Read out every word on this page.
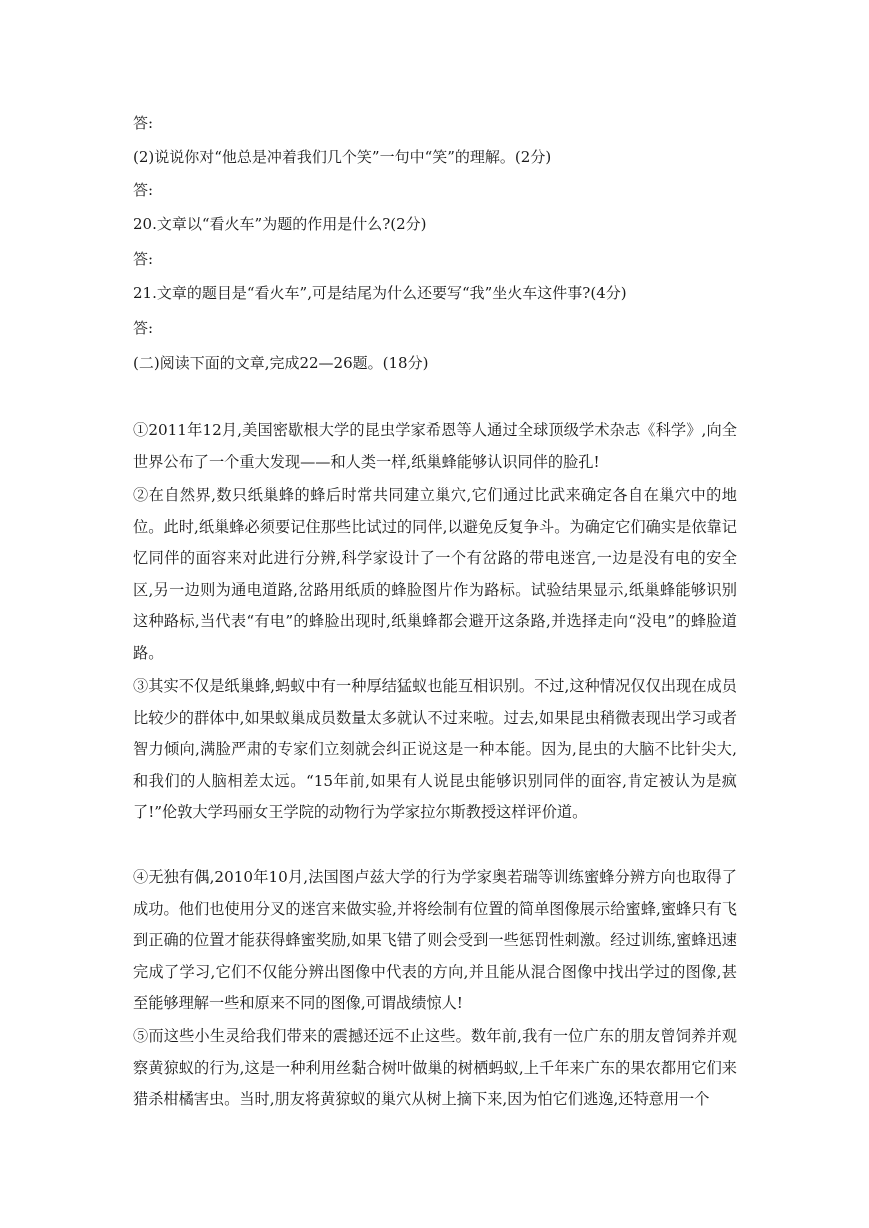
答:
(2)说说你对“他总是冲着我们几个笑”一句中“笑”的理解。(2分)
答:
20.文章以“看火车”为题的作用是什么?(2分)
答:
21.文章的题目是“看火车”,可是结尾为什么还要写“我”坐火车这件事?(4分)
答:
(二)阅读下面的文章,完成22—26题。(18分)
①2011年12月,美国密歇根大学的昆虫学家希恩等人通过全球顶级学术杂志《科学》,向全世界公布了一个重大发现——和人类一样,纸巢蜂能够认识同伴的脸孔!
②在自然界,数只纸巢蜂的蜂后时常共同建立巢穴,它们通过比武来确定各自在巢穴中的地位。此时,纸巢蜂必须要记住那些比试过的同伴,以避免反复争斗。为确定它们确实是依靠记忆同伴的面容来对此进行分辨,科学家设计了一个有岔路的带电迷宫,一边是没有电的安全区,另一边则为通电道路,岔路用纸质的蜂脸图片作为路标。试验结果显示,纸巢蜂能够识别这种路标,当代表“有电”的蜂脸出现时,纸巢蜂都会避开这条路,并选择走向“没电”的蜂脸道路。
③其实不仅是纸巢蜂,蚂蚁中有一种厚结猛蚁也能互相识别。不过,这种情况仅仅出现在成员比较少的群体中,如果蚁巢成员数量太多就认不过来啦。过去,如果昆虫稍微表现出学习或者智力倾向,满脸严肃的专家们立刻就会纠正说这是一种本能。因为,昆虫的大脑不比针尖大,和我们的人脑相差太远。“15年前,如果有人说昆虫能够识别同伴的面容,肯定被认为是疯了!”伦敦大学玛丽女王学院的动物行为学家拉尔斯教授这样评价道。
④无独有偶,2010年10月,法国图卢兹大学的行为学家奥若瑞等训练蜜蜂分辨方向也取得了成功。他们也使用分叉的迷宫来做实验,并将绘制有位置的简单图像展示给蜜蜂,蜜蜂只有飞到正确的位置才能获得蜂蜜奖励,如果飞错了则会受到一些惩罚性刺激。经过训练,蜜蜂迅速完成了学习,它们不仅能分辨出图像中代表的方向,并且能从混合图像中找出学过的图像,甚至能够理解一些和原来不同的图像,可谓战绩惊人!
⑤而这些小生灵给我们带来的震撼还远不止这些。数年前,我有一位广东的朋友曾饲养并观察黄猄蚁的行为,这是一种利用丝黏合树叶做巢的树栖蚂蚁,上千年来广东的果农都用它们来猎杀柑橘害虫。当时,朋友将黄猄蚁的巢穴从树上摘下来,因为怕它们逃逸,还特意用一个
